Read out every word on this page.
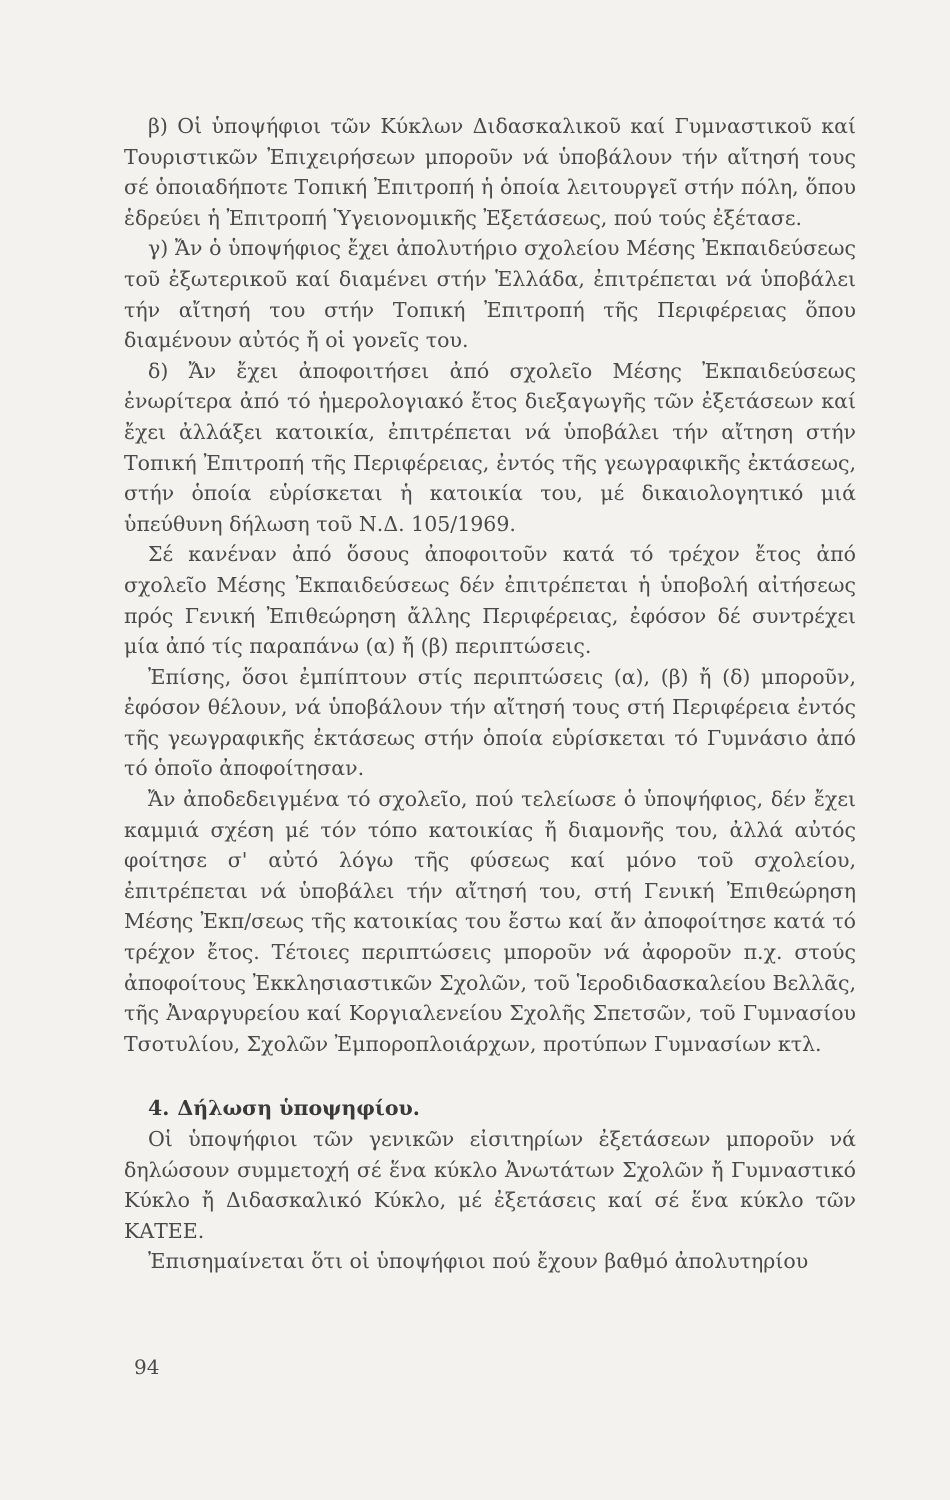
β) Οἱ ὑποψήφιοι τῶν Κύκλων Διδασκαλικοῦ καί Γυμναστικοῦ καί Τουριστικῶν Ἐπιχειρήσεων μποροῦν νά ὑποβάλουν τήν αἴτησή τους σέ ὁποιαδήποτε Τοπική Ἐπιτροπή ἡ ὁποία λειτουργεῖ στήν πόλη, ὅπου ἑδρεύει ἡ Ἐπιτροπή Ὑγειονομικῆς Ἐξετάσεως, πού τούς ἐξέτασε.

γ) Ἄν ὁ ὑποψήφιος ἔχει ἀπολυτήριο σχολείου Μέσης Ἐκπαιδεύσεως τοῦ ἐξωτερικοῦ καί διαμένει στήν Ἑλλάδα, ἐπιτρέπεται νά ὑποβάλει τήν αἴτησή του στήν Τοπική Ἐπιτροπή τῆς Περιφέρειας ὅπου διαμένουν αὐτός ἤ οἱ γονεῖς του.

δ) Ἄν ἔχει ἀποφοιτήσει ἀπό σχολεῖο Μέσης Ἐκπαιδεύσεως ἐνωρίτερα ἀπό τό ἡμερολογιακό ἔτος διεξαγωγῆς τῶν ἐξετάσεων καί ἔχει ἀλλάξει κατοικία, ἐπιτρέπεται νά ὑποβάλει τήν αἴτηση στήν Τοπική Ἐπιτροπή τῆς Περιφέρειας, ἐντός τῆς γεωγραφικῆς ἐκτάσεως, στήν ὁποία εὑρίσκεται ἡ κατοικία του, μέ δικαιολογητικό μιά ὑπεύθυνη δήλωση τοῦ Ν.Δ. 105/1969.

Σέ κανέναν ἀπό ὅσους ἀποφοιτοῦν κατά τό τρέχον ἔτος ἀπό σχολεῖο Μέσης Ἐκπαιδεύσεως δέν ἐπιτρέπεται ἡ ὑποβολή αἰτήσεως πρός Γενική Ἐπιθεώρηση ἄλλης Περιφέρειας, ἐφόσον δέ συντρέχει μία ἀπό τίς παραπάνω (α) ἤ (β) περιπτώσεις.

Ἐπίσης, ὅσοι ἐμπίπτουν στίς περιπτώσεις (α), (β) ἤ (δ) μποροῦν, ἐφόσον θέλουν, νά ὑποβάλουν τήν αἴτησή τους στή Περιφέρεια ἐντός τῆς γεωγραφικῆς ἐκτάσεως στήν ὁποία εὑρίσκεται τό Γυμνάσιο ἀπό τό ὁποῖο ἀποφοίτησαν.

Ἄν ἀποδεδειγμένα τό σχολεῖο, πού τελείωσε ὁ ὑποψήφιος, δέν ἔχει καμμιά σχέση μέ τόν τόπο κατοικίας ἤ διαμονῆς του, ἀλλά αὐτός φοίτησε σ' αὐτό λόγω τῆς φύσεως καί μόνο τοῦ σχολείου, ἐπιτρέπεται νά ὑποβάλει τήν αἴτησή του, στή Γενική Ἐπιθεώρηση Μέσης Ἐκπ/σεως τῆς κατοικίας του ἔστω καί ἄν ἀποφοίτησε κατά τό τρέχον ἔτος. Τέτοιες περιπτώσεις μποροῦν νά ἀφοροῦν π.χ. στούς ἀποφοίτους Ἐκκλησιαστικῶν Σχολῶν, τοῦ Ἱεροδιδασκαλείου Βελλᾶς, τῆς Ἀναργυρείου καί Κοργιαλενείου Σχολῆς Σπετσῶν, τοῦ Γυμνασίου Τσοτυλίου, Σχολῶν Ἐμποροπλοιάρχων, προτύπων Γυμνασίων κτλ.

4. Δήλωση ὑποψηφίου.

Οἱ ὑποψήφιοι τῶν γενικῶν εἰσιτηρίων ἐξετάσεων μποροῦν νά δηλώσουν συμμετοχή σέ ἕνα κύκλο Ἀνωτάτων Σχολῶν ἤ Γυμναστικό Κύκλο ἤ Διδασκαλικό Κύκλο, μέ ἐξετάσεις καί σέ ἕνα κύκλο τῶν ΚΑΤΕΕ.

Ἐπισημαίνεται ὅτι οἱ ὑποψήφιοι πού ἔχουν βαθμό ἀπολυτηρίου

94
